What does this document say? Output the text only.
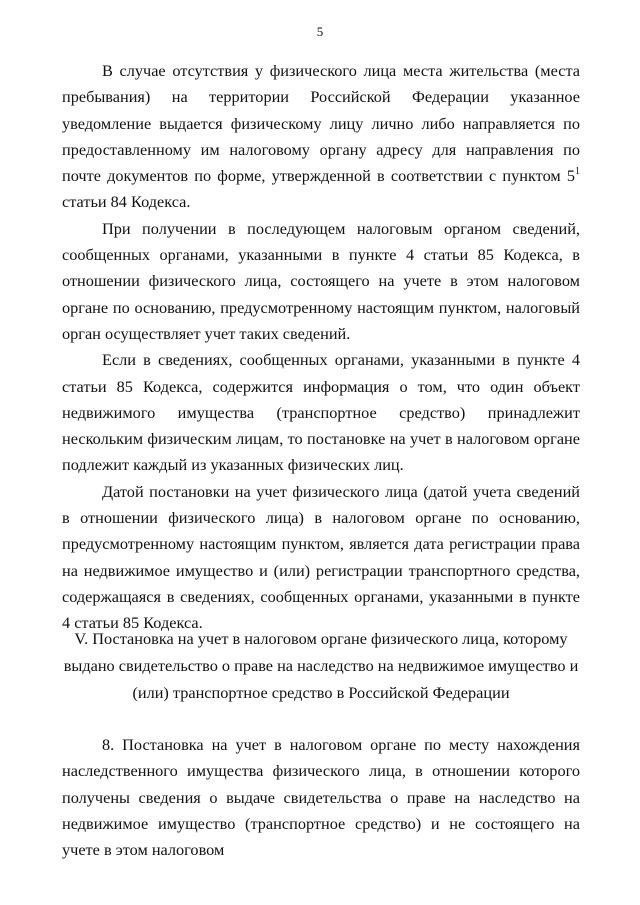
5

В случае отсутствия у физического лица места жительства (места пребывания) на территории Российской Федерации указанное уведомление выдается физическому лицу лично либо направляется по предоставленному им налоговому органу адресу для направления по почте документов по форме, утвержденной в соответствии с пунктом $5^1$ статьи 84 Кодекса.

При получении в последующем налоговым органом сведений, сообщенных органами, указанными в пункте 4 статьи 85 Кодекса, в отношении физического лица, состоящего на учете в этом налоговом органе по основанию, предусмотренному настоящим пунктом, налоговый орган осуществляет учет таких сведений.

Если в сведениях, сообщенных органами, указанными в пункте 4 статьи 85 Кодекса, содержится информация о том, что один объект недвижимого имущества (транспортное средство) принадлежит нескольким физическим лицам, то постановке на учет в налоговом органе подлежит каждый из указанных физических лиц.

Датой постановки на учет физического лица (датой учета сведений в отношении физического лица) в налоговом органе по основанию, предусмотренному настоящим пунктом, является дата регистрации права на недвижимое имущество и (или) регистрации транспортного средства, содержащаяся в сведениях, сообщенных органами, указанными в пункте 4 статьи 85 Кодекса.

V. Постановка на учет в налоговом органе физического лица, которому выдано свидетельство о праве на наследство на недвижимое имущество и (или) транспортное средство в Российской Федерации

8. Постановка на учет в налоговом органе по месту нахождения наследственного имущества физического лица, в отношении которого получены сведения о выдаче свидетельства о праве на наследство на недвижимое имущество (транспортное средство) и не состоящего на учете в этом налоговом
